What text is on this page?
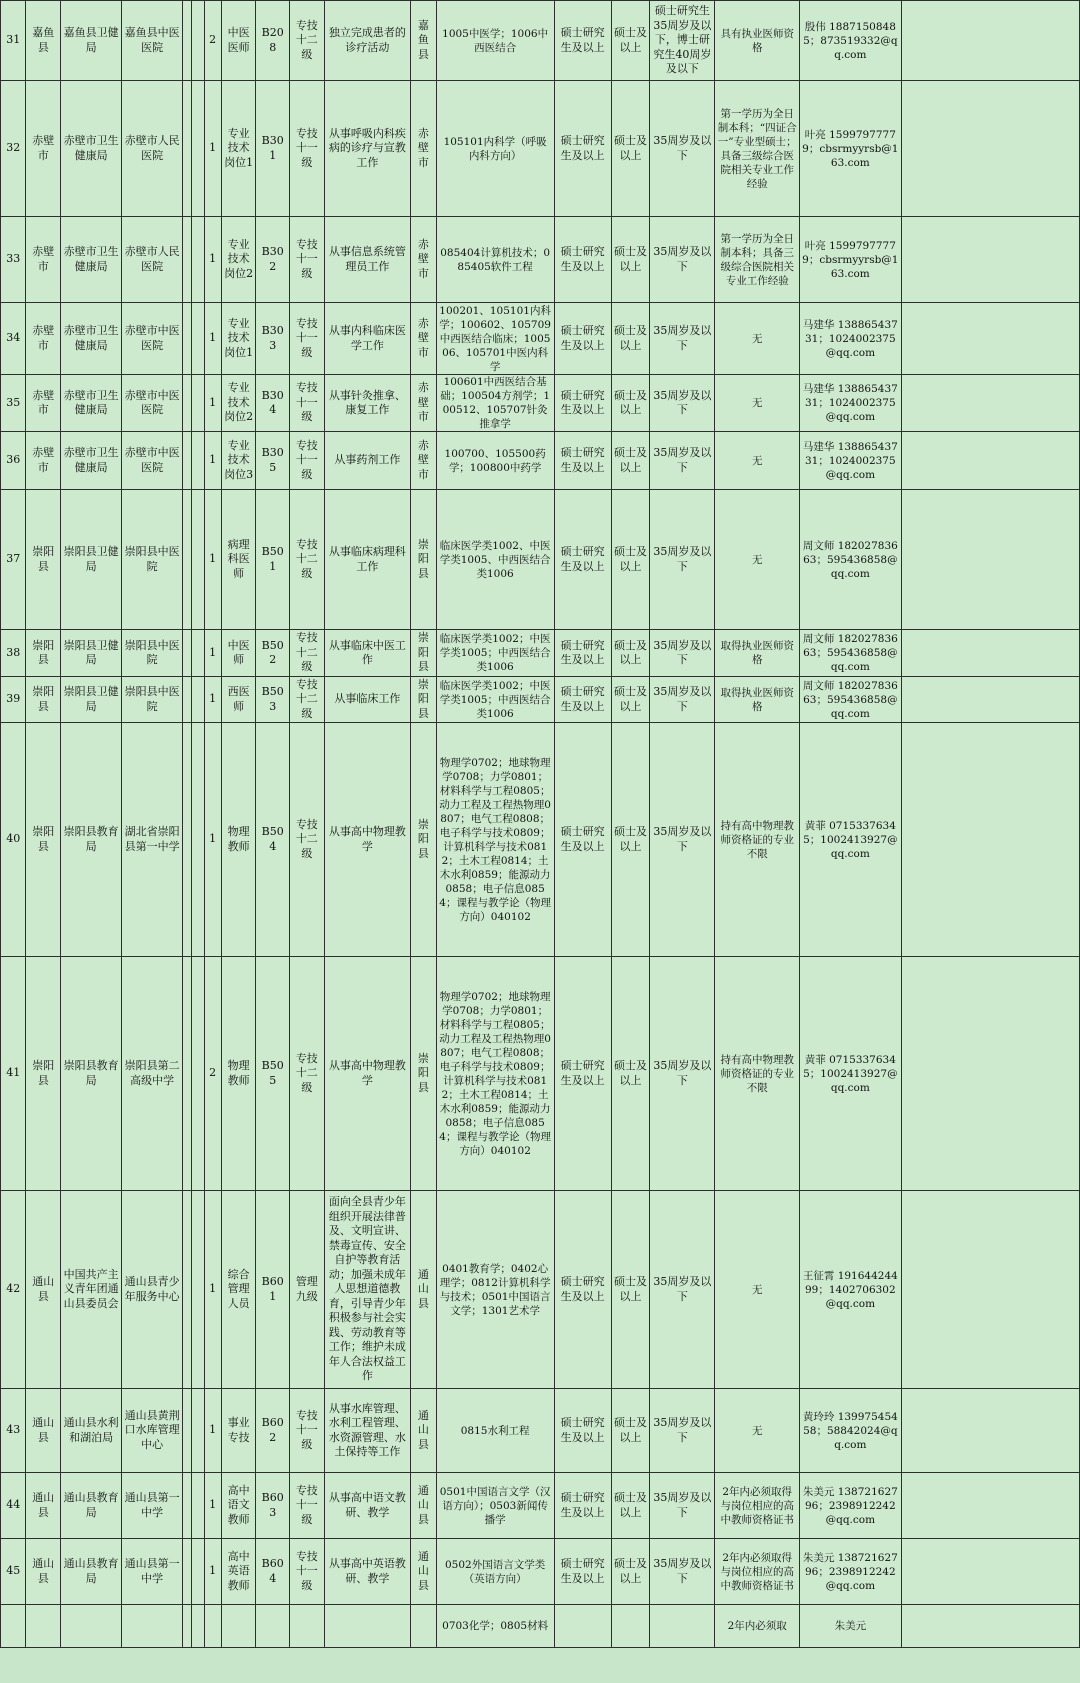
31	嘉鱼县	嘉鱼县卫健局	嘉鱼县中医医院			2	中医医师	B208	专技十二级	独立完成患者的诊疗活动	嘉鱼县	1005中医学；1006中西医结合	硕士研究生及以上	硕士及以上	硕士研究生35周岁及以下，博士研究生40周岁及以下	具有执业医师资格	殷伟 18871508485；873519332@qq.com	
32	赤壁市	赤壁市卫生健康局	赤壁市人民医院			1	专业技术岗位1	B301	专技十一级	从事呼吸内科疾病的诊疗与宣教工作	赤壁市	105101内科学（呼吸内科方向）	硕士研究生及以上	硕士及以上	35周岁及以下	第一学历为全日制本科；“四证合一”专业型硕士；具备三级综合医院相关专业工作经验	叶亮 15997977779；cbsrmyyrsb@163.com	
33	赤壁市	赤壁市卫生健康局	赤壁市人民医院			1	专业技术岗位2	B302	专技十一级	从事信息系统管理员工作	赤壁市	085404计算机技术；085405软件工程	硕士研究生及以上	硕士及以上	35周岁及以下	第一学历为全日制本科；具备三级综合医院相关专业工作经验	叶亮 15997977779；cbsrmyyrsb@163.com	
34	赤壁市	赤壁市卫生健康局	赤壁市中医医院			1	专业技术岗位1	B303	专技十一级	从事内科临床医学工作	赤壁市	100201、105101内科学；100602、105709中西医结合临床；100506、105701中医内科学	硕士研究生及以上	硕士及以上	35周岁及以下	无	马建华 13886543731；1024002375@qq.com	
35	赤壁市	赤壁市卫生健康局	赤壁市中医医院			1	专业技术岗位2	B304	专技十一级	从事针灸推拿、康复工作	赤壁市	100601中西医结合基础；100504方剂学；100512、105707针灸推拿学	硕士研究生及以上	硕士及以上	35周岁及以下	无	马建华 13886543731；1024002375@qq.com	
36	赤壁市	赤壁市卫生健康局	赤壁市中医医院			1	专业技术岗位3	B305	专技十一级	从事药剂工作	赤壁市	100700、105500药学；100800中药学	硕士研究生及以上	硕士及以上	35周岁及以下	无	马建华 13886543731；1024002375@qq.com	
37	崇阳县	崇阳县卫健局	崇阳县中医院			1	病理科医师	B501	专技十二级	从事临床病理科工作	崇阳县	临床医学类1002、中医学类1005、中西医结合类1006	硕士研究生及以上	硕士及以上	35周岁及以下	无	周文师 18202783663；595436858@qq.com	
38	崇阳县	崇阳县卫健局	崇阳县中医院			1	中医师	B502	专技十二级	从事临床中医工作	崇阳县	临床医学类1002；中医学类1005；中西医结合类1006	硕士研究生及以上	硕士及以上	35周岁及以下	取得执业医师资格	周文师 18202783663；595436858@qq.com	
39	崇阳县	崇阳县卫健局	崇阳县中医院			1	西医师	B503	专技十二级	从事临床工作	崇阳县	临床医学类1002；中医学类1005；中西医结合类1006	硕士研究生及以上	硕士及以上	35周岁及以下	取得执业医师资格	周文师 18202783663；595436858@qq.com	
40	崇阳县	崇阳县教育局	湖北省崇阳县第一中学			1	物理教师	B504	专技十二级	从事高中物理教学	崇阳县	物理学0702；地球物理学0708；力学0801；材料科学与工程0805；动力工程及工程热物理0807；电气工程0808；电子科学与技术0809；计算机科学与技术0812；土木工程0814；土木水利0859；能源动力0858；电子信息0854；课程与教学论（物理方向）040102	硕士研究生及以上	硕士及以上	35周岁及以下	持有高中物理教师资格证的专业不限	黄菲 07153376345；1002413927@qq.com	
41	崇阳县	崇阳县教育局	崇阳县第二高级中学			2	物理教师	B505	专技十二级	从事高中物理教学	崇阳县	物理学0702；地球物理学0708；力学0801；材料科学与工程0805；动力工程及工程热物理0807；电气工程0808；电子科学与技术0809；计算机科学与技术0812；土木工程0814；土木水利0859；能源动力0858；电子信息0854；课程与教学论（物理方向）040102	硕士研究生及以上	硕士及以上	35周岁及以下	持有高中物理教师资格证的专业不限	黄菲 07153376345；1002413927@qq.com	
42	通山县	中国共产主义青年团通山县委员会	通山县青少年服务中心			1	综合管理人员	B601	管理九级	面向全县青少年组织开展法律普及、文明宣讲、禁毒宣传、安全自护等教育活动；加强未成年人思想道德教育，引导青少年积极参与社会实践、劳动教育等工作；维护未成年人合法权益工作	通山县	0401教育学；0402心理学；0812计算机科学与技术；0501中国语言文学；1301艺术学	硕士研究生及以上	硕士及以上	35周岁及以下	无	王征霄 19164424499；1402706302@qq.com	
43	通山县	通山县水利和湖泊局	通山县黄荆口水库管理中心			1	事业专技	B602	专技十一级	从事水库管理、水利工程管理、水资源管理、水土保持等工作	通山县	0815水利工程	硕士研究生及以上	硕士及以上	35周岁及以下	无	黄玲玲 13997545458；58842024@qq.com	
44	通山县	通山县教育局	通山县第一中学			1	高中语文教师	B603	专技十一级	从事高中语文教研、教学	通山县	0501中国语言文学（汉语方向）；0503新闻传播学	硕士研究生及以上	硕士及以上	35周岁及以下	2年内必须取得与岗位相应的高中教师资格证书	朱美元 13872162796；2398912242@qq.com	
45	通山县	通山县教育局	通山县第一中学			1	高中英语教师	B604	专技十一级	从事高中英语教研、教学	通山县	0502外国语言文学类（英语方向）	硕士研究生及以上	硕士及以上	35周岁及以下	2年内必须取得与岗位相应的高中教师资格证书	朱美元 13872162796；2398912242@qq.com	
												0703化学；0805材料				2年内必须取	朱美元	
